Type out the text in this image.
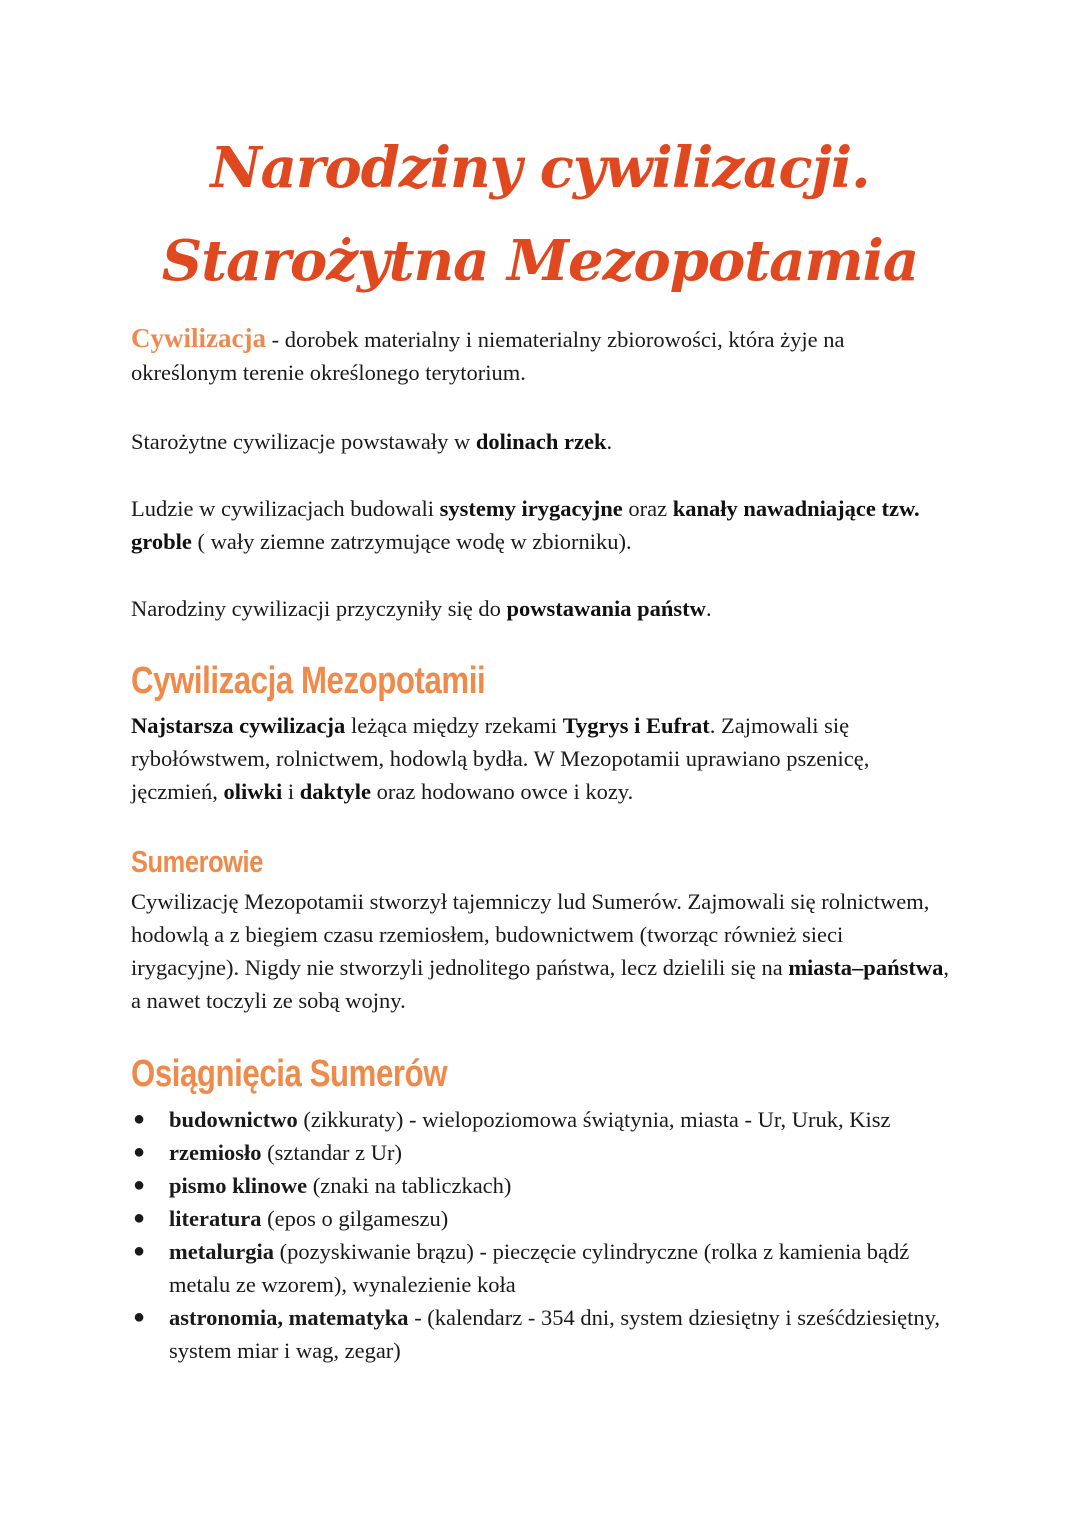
Narodziny cywilizacji.
Starożytna Mezopotamia
Cywilizacja - dorobek materialny i niematerialny zbiorowości, która żyje na określonym terenie określonego terytorium.
Starożytne cywilizacje powstawały w dolinach rzek.
Ludzie w cywilizacjach budowali systemy irygacyjne oraz kanały nawadniające tzw. groble ( wały ziemne zatrzymujące wodę w zbiorniku).
Narodziny cywilizacji przyczyniły się do powstawania państw.
Cywilizacja Mezopotamii
Najstarsza cywilizacja leżąca między rzekami Tygrys i Eufrat. Zajmowali się rybołówstwem, rolnictwem, hodowlą bydła. W Mezopotamii uprawiano pszenicę, jęczmień, oliwki i daktyle oraz hodowano owce i kozy.
Sumerowie
Cywilizację Mezopotamii stworzył tajemniczy lud Sumerów. Zajmowali się rolnictwem, hodowlą a z biegiem czasu rzemiosłem, budownictwem (tworząc również sieci irygacyjne). Nigdy nie stworzyli jednolitego państwa, lecz dzielili się na miasta–państwa, a nawet toczyli ze sobą wojny.
Osiągnięcia Sumerów
● budownictwo (zikkuraty) - wielopoziomowa świątynia, miasta - Ur, Uruk, Kisz
● rzemiosło (sztandar z Ur)
● pismo klinowe (znaki na tabliczkach)
● literatura (epos o gilgameszu)
● metalurgia (pozyskiwanie brązu) - pieczęcie cylindryczne (rolka z kamienia bądź metalu ze wzorem), wynalezienie koła
● astronomia, matematyka - (kalendarz - 354 dni, system dziesiętny i sześćdziesiętny, system miar i wag, zegar)
